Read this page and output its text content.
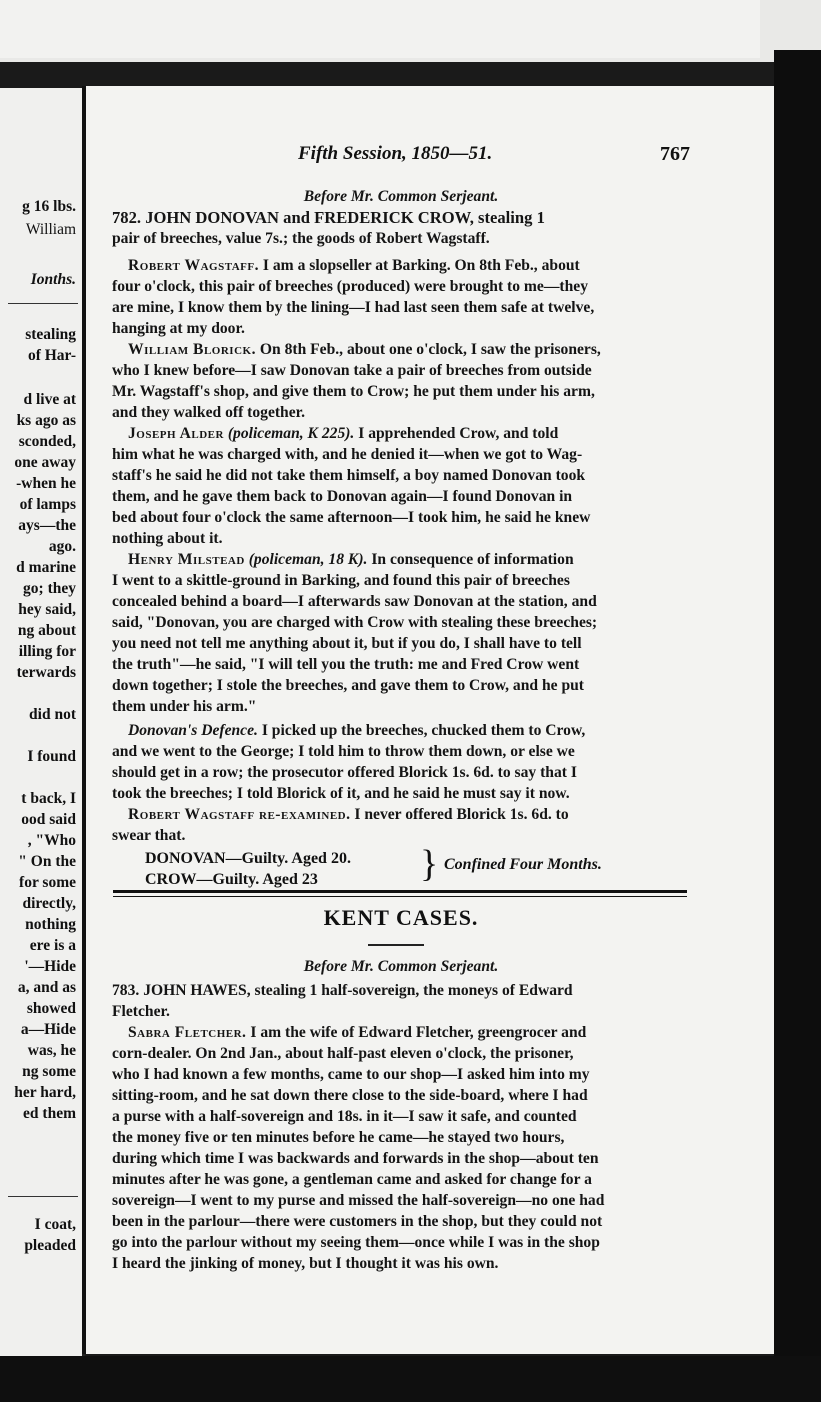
g 16 lbs.
William
Ionths.
stealing
of Har-
d live at
ks ago as
sconded,
one away
-when he
of lamps
ays—the
ago.
d marine
go; they
hey said,
ng about
illing for
terwards
did not
I found
t back, I
ood said
, "Who
" On the
for some
directly,
nothing
ere is a
'—Hide
a, and as
showed
a—Hide
was, he
ng some
her hard,
ed them
I coat,
pleaded
Fifth Session, 1850—51.	767
Before Mr. Common Serjeant.
782. JOHN DONOVAN and FREDERICK CROW, stealing 1
pair of breeches, value 7s.; the goods of Robert Wagstaff.
Robert Wagstaff. I am a slopseller at Barking. On 8th Feb., about
four o'clock, this pair of breeches (produced) were brought to me—they
are mine, I know them by the lining—I had last seen them safe at twelve,
hanging at my door.
William Blorick. On 8th Feb., about one o'clock, I saw the prisoners,
who I knew before—I saw Donovan take a pair of breeches from outside
Mr. Wagstaff's shop, and give them to Crow; he put them under his arm,
and they walked off together.
Joseph Alder (policeman, K 225). I apprehended Crow, and told
him what he was charged with, and he denied it—when we got to Wag-
staff's he said he did not take them himself, a boy named Donovan took
them, and he gave them back to Donovan again—I found Donovan in
bed about four o'clock the same afternoon—I took him, he said he knew
nothing about it.
Henry Milstead (policeman, 18 K). In consequence of information
I went to a skittle-ground in Barking, and found this pair of breeches
concealed behind a board—I afterwards saw Donovan at the station, and
said, "Donovan, you are charged with Crow with stealing these breeches;
you need not tell me anything about it, but if you do, I shall have to tell
the truth"—he said, "I will tell you the truth: me and Fred Crow went
down together; I stole the breeches, and gave them to Crow, and he put
them under his arm."
Donovan's Defence. I picked up the breeches, chucked them to Crow,
and we went to the George; I told him to throw them down, or else we
should get in a row; the prosecutor offered Blorick 1s. 6d. to say that I
took the breeches; I told Blorick of it, and he said he must say it now.
Robert Wagstaff re-examined. I never offered Blorick 1s. 6d. to
swear that.
DONOVAN—Guilty. Aged 20.
CROW—Guilty. Aged 23	} Confined Four Months.
KENT CASES.
Before Mr. Common Serjeant.
783. JOHN HAWES, stealing 1 half-sovereign, the moneys of Edward
Fletcher.
Sabra Fletcher. I am the wife of Edward Fletcher, greengrocer and
corn-dealer. On 2nd Jan., about half-past eleven o'clock, the prisoner,
who I had known a few months, came to our shop—I asked him into my
sitting-room, and he sat down there close to the side-board, where I had
a purse with a half-sovereign and 18s. in it—I saw it safe, and counted
the money five or ten minutes before he came—he stayed two hours,
during which time I was backwards and forwards in the shop—about ten
minutes after he was gone, a gentleman came and asked for change for a
sovereign—I went to my purse and missed the half-sovereign—no one had
been in the parlour—there were customers in the shop, but they could not
go into the parlour without my seeing them—once while I was in the shop
I heard the jinking of money, but I thought it was his own.
